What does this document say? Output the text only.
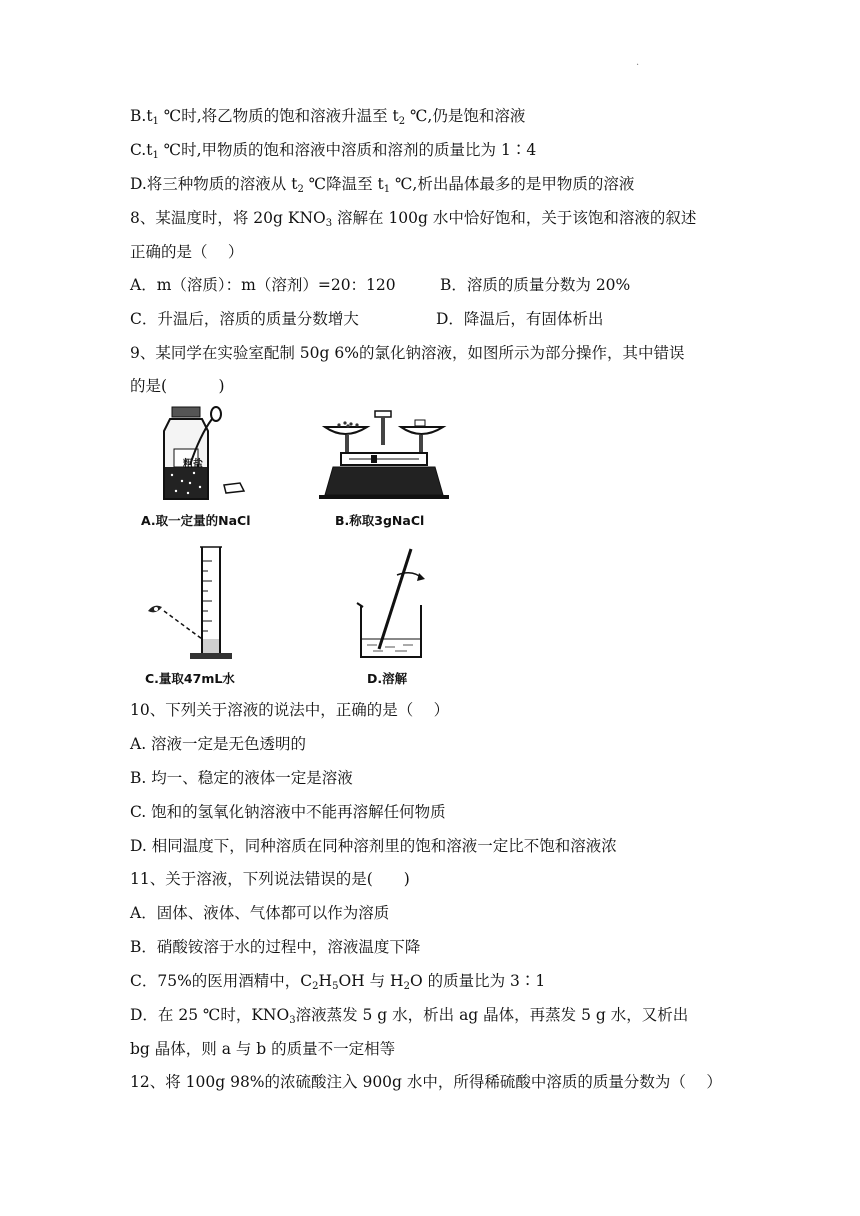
·
$B.t_1$ ℃时,将乙物质的饱和溶液升温至 $t_2$ ℃,仍是饱和溶液
$C.t_1$ ℃时,甲物质的饱和溶液中溶质和溶剂的质量比为 1∶4
D.将三种物质的溶液从 $t_2$ ℃降温至 $t_1$ ℃,析出晶体最多的是甲物质的溶液
8、某温度时，将 20g $KNO_3$ 溶解在 100g 水中恰好饱和，关于该饱和溶液的叙述
正确的是（　 ）
A．m（溶质）：m（溶剂）=20：120	B．溶质的质量分数为 20%
C．升温后，溶质的质量分数增大	D．降温后，有固体析出
9、某同学在实验室配制 50g 6%的氯化钠溶液，如图所示为部分操作，其中错误
的是(　　　 )
粗盐
A.取一定量的NaCl	B.称取3gNaCl
C.量取47mL水	D.溶解
10、下列关于溶液的说法中，正确的是（　 ）
A. 溶液一定是无色透明的
B. 均一、稳定的液体一定是溶液
C. 饱和的氢氧化钠溶液中不能再溶解任何物质
D. 相同温度下，同种溶质在同种溶剂里的饱和溶液一定比不饱和溶液浓
11、关于溶液，下列说法错误的是(　　)
A．固体、液体、气体都可以作为溶质
B．硝酸铵溶于水的过程中，溶液温度下降
C．75%的医用酒精中，$C_2H_5OH$ 与 $H_2O$ 的质量比为 3∶1
D．在 25 ℃时，$KNO_3$溶液蒸发 5 g 水，析出 ag 晶体，再蒸发 5 g 水，又析出
bg 晶体，则 a 与 b 的质量不一定相等
12、将 100g 98%的浓硫酸注入 900g 水中，所得稀硫酸中溶质的质量分数为（　 ）
